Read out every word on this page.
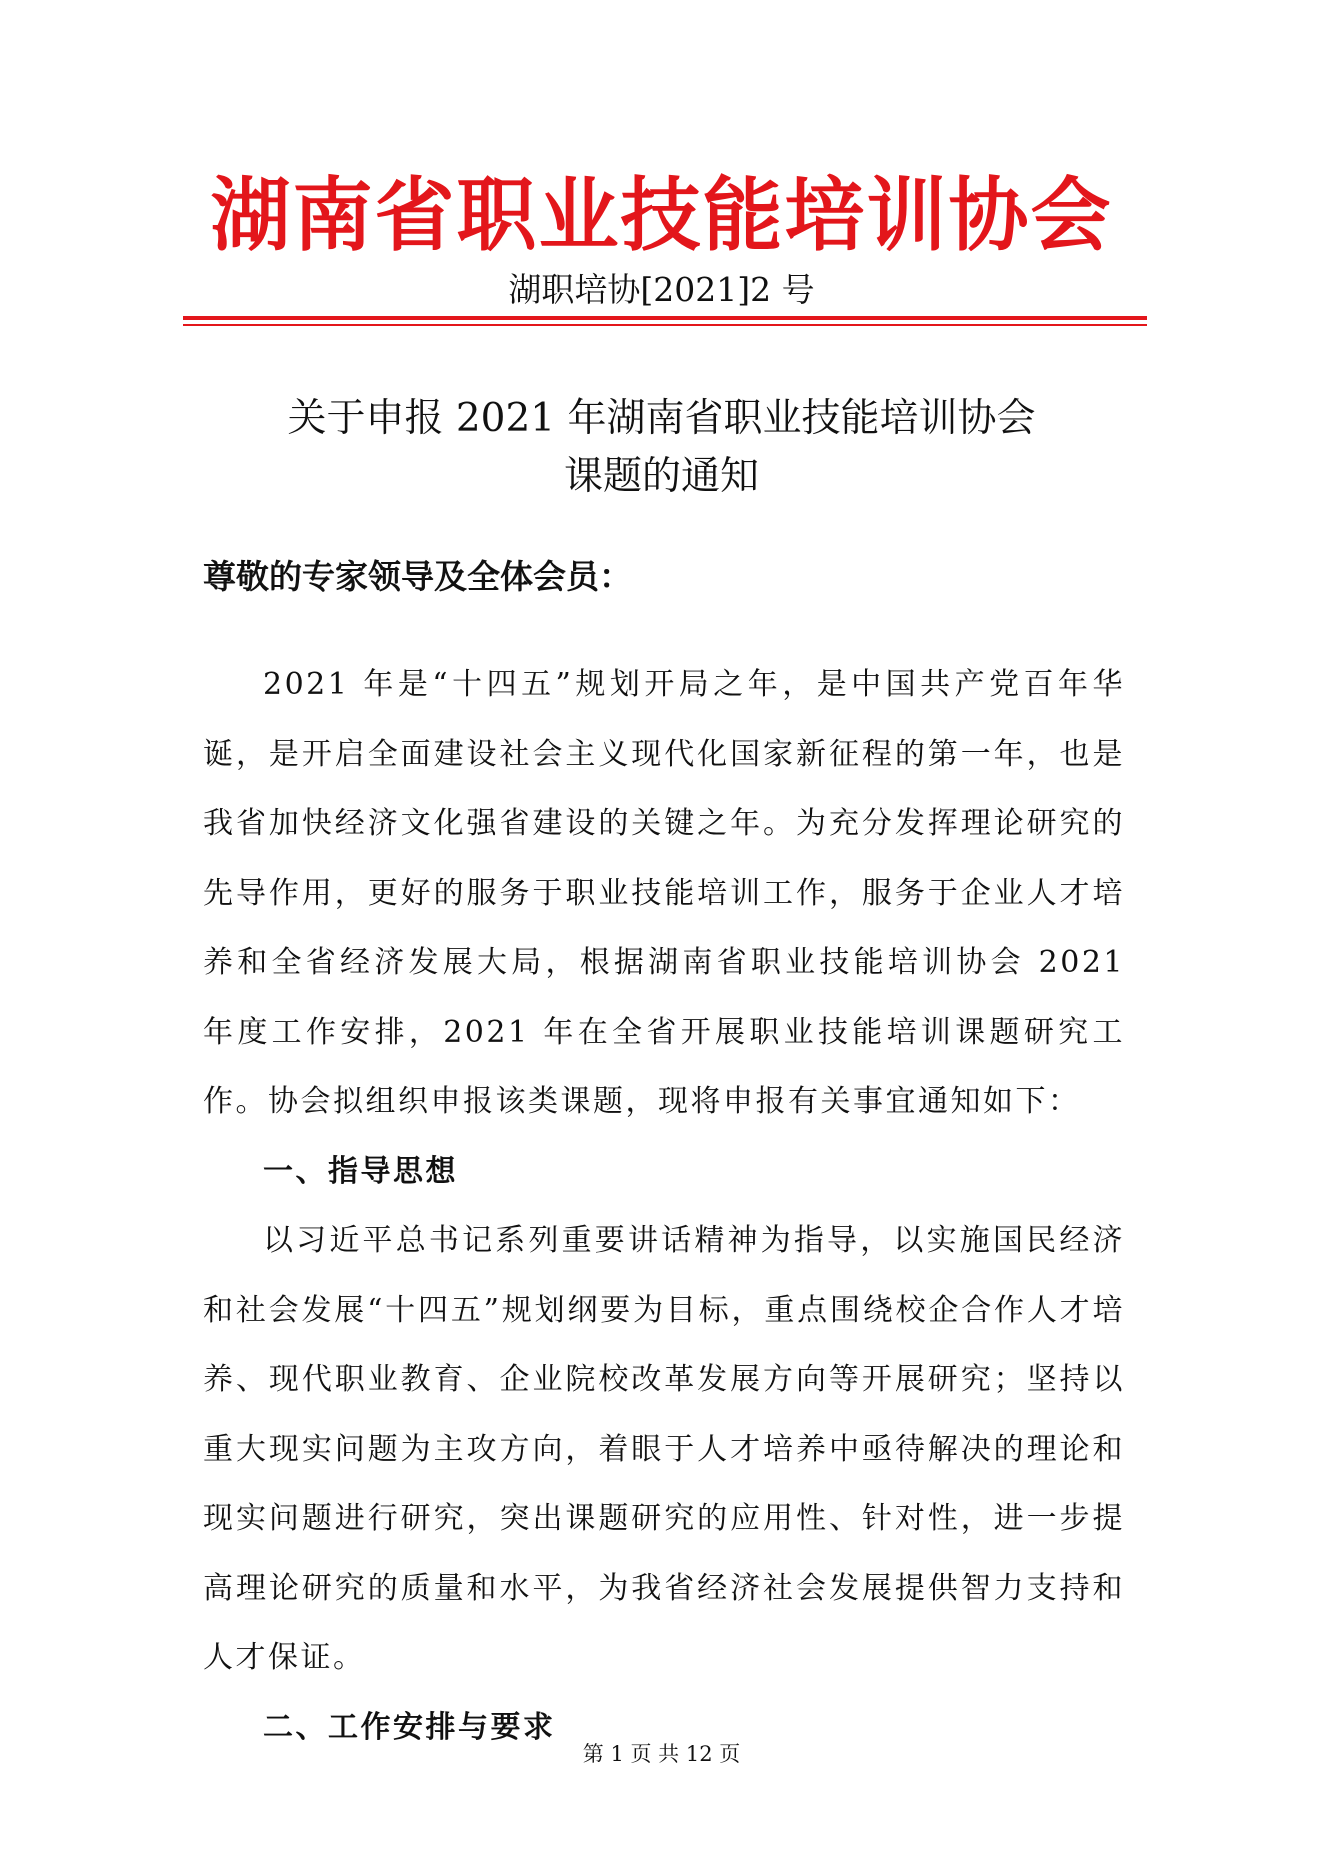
湖南省职业技能培训协会
湖职培协[2021]2 号
关于申报 2021 年湖南省职业技能培训协会
课题的通知
尊敬的专家领导及全体会员：

2021 年是“十四五”规划开局之年，是中国共产党百年华诞，是开启全面建设社会主义现代化国家新征程的第一年，也是我省加快经济文化强省建设的关键之年。为充分发挥理论研究的先导作用，更好的服务于职业技能培训工作，服务于企业人才培养和全省经济发展大局，根据湖南省职业技能培训协会 2021 年度工作安排，2021 年在全省开展职业技能培训课题研究工作。协会拟组织申报该类课题，现将申报有关事宜通知如下：

一、指导思想

以习近平总书记系列重要讲话精神为指导，以实施国民经济和社会发展“十四五”规划纲要为目标，重点围绕校企合作人才培养、现代职业教育、企业院校改革发展方向等开展研究；坚持以重大现实问题为主攻方向，着眼于人才培养中亟待解决的理论和现实问题进行研究，突出课题研究的应用性、针对性，进一步提高理论研究的质量和水平，为我省经济社会发展提供智力支持和人才保证。

二、工作安排与要求

第 1 页 共 12 页
